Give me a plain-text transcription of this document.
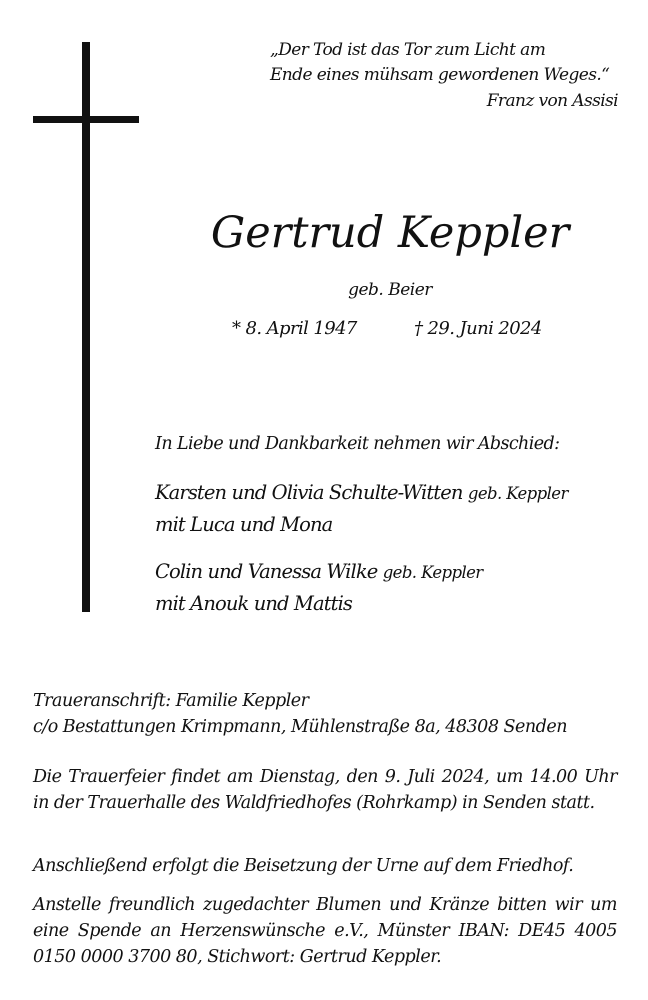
„Der Tod ist das Tor zum Licht am
Ende eines mühsam gewordenen Weges.“
Franz von Assisi
Gertrud Keppler
geb. Beier
* 8. April 1947	† 29. Juni 2024
In Liebe und Dankbarkeit nehmen wir Abschied:
Karsten und Olivia Schulte-Witten geb. Keppler
mit Luca und Mona
Colin und Vanessa Wilke geb. Keppler
mit Anouk und Mattis
Traueranschrift: Familie Keppler
c/o Bestattungen Krimpmann, Mühlenstraße 8a, 48308 Senden
Die Trauerfeier findet am Dienstag, den 9. Juli 2024, um 14.00 Uhr in der Trauerhalle des Waldfriedhofes (Rohrkamp) in Senden statt.
Anschließend erfolgt die Beisetzung der Urne auf dem Friedhof.
Anstelle freundlich zugedachter Blumen und Kränze bitten wir um eine Spende an Herzenswünsche e.V., Münster IBAN: DE45 4005 0150 0000 3700 80, Stichwort: Gertrud Keppler.
